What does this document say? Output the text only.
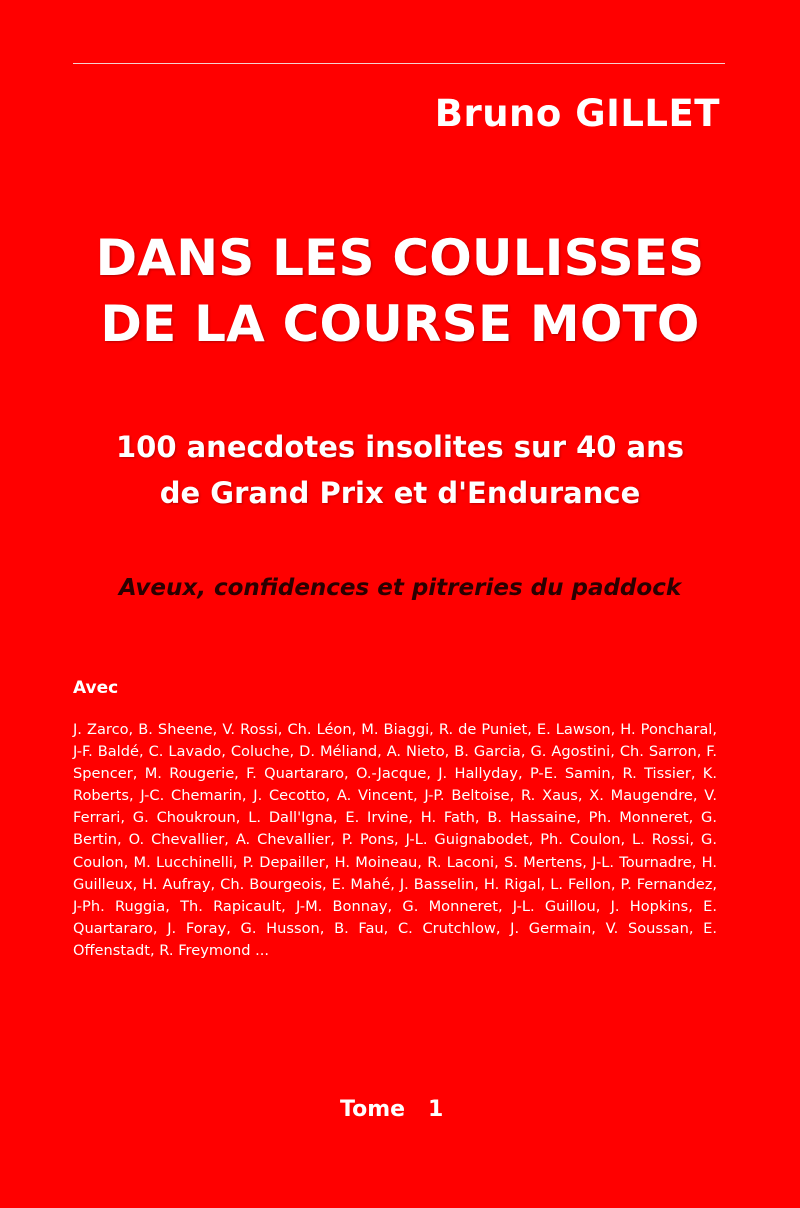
Bruno GILLET
DANS LES COULISSES
DE LA COURSE MOTO
100 anecdotes insolites sur 40 ans
de Grand Prix et d'Endurance
Aveux, confidences et pitreries du paddock
Avec
J. Zarco, B. Sheene, V. Rossi, Ch. Léon, M. Biaggi, R. de Puniet, E. Lawson, H. Poncharal, J-F. Baldé, C. Lavado, Coluche, D. Méliand, A. Nieto, B. Garcia, G. Agostini, Ch. Sarron, F. Spencer, M. Rougerie, F. Quartararo, O.-Jacque, J. Hallyday, P-E. Samin, R. Tissier, K. Roberts, J-C. Chemarin, J. Cecotto, A. Vincent, J-P. Beltoise, R. Xaus, X. Maugendre, V. Ferrari, G. Choukroun, L. Dall'Igna, E. Irvine, H. Fath, B. Hassaine, Ph. Monneret, G. Bertin, O. Chevallier, A. Chevallier, P. Pons, J-L. Guignabodet, Ph. Coulon, L. Rossi, G. Coulon, M. Lucchinelli, P. Depailler, H. Moineau, R. Laconi, S. Mertens, J-L. Tournadre, H. Guilleux, H. Aufray, Ch. Bourgeois, E. Mahé, J. Basselin, H. Rigal, L. Fellon, P. Fernandez, J-Ph. Ruggia, Th. Rapicault, J-M. Bonnay, G. Monneret, J-L. Guillou, J. Hopkins, E. Quartararo, J. Foray, G. Husson, B. Fau, C. Crutchlow, J. Germain, V. Soussan, E. Offenstadt, R. Freymond ...
Tome   1
